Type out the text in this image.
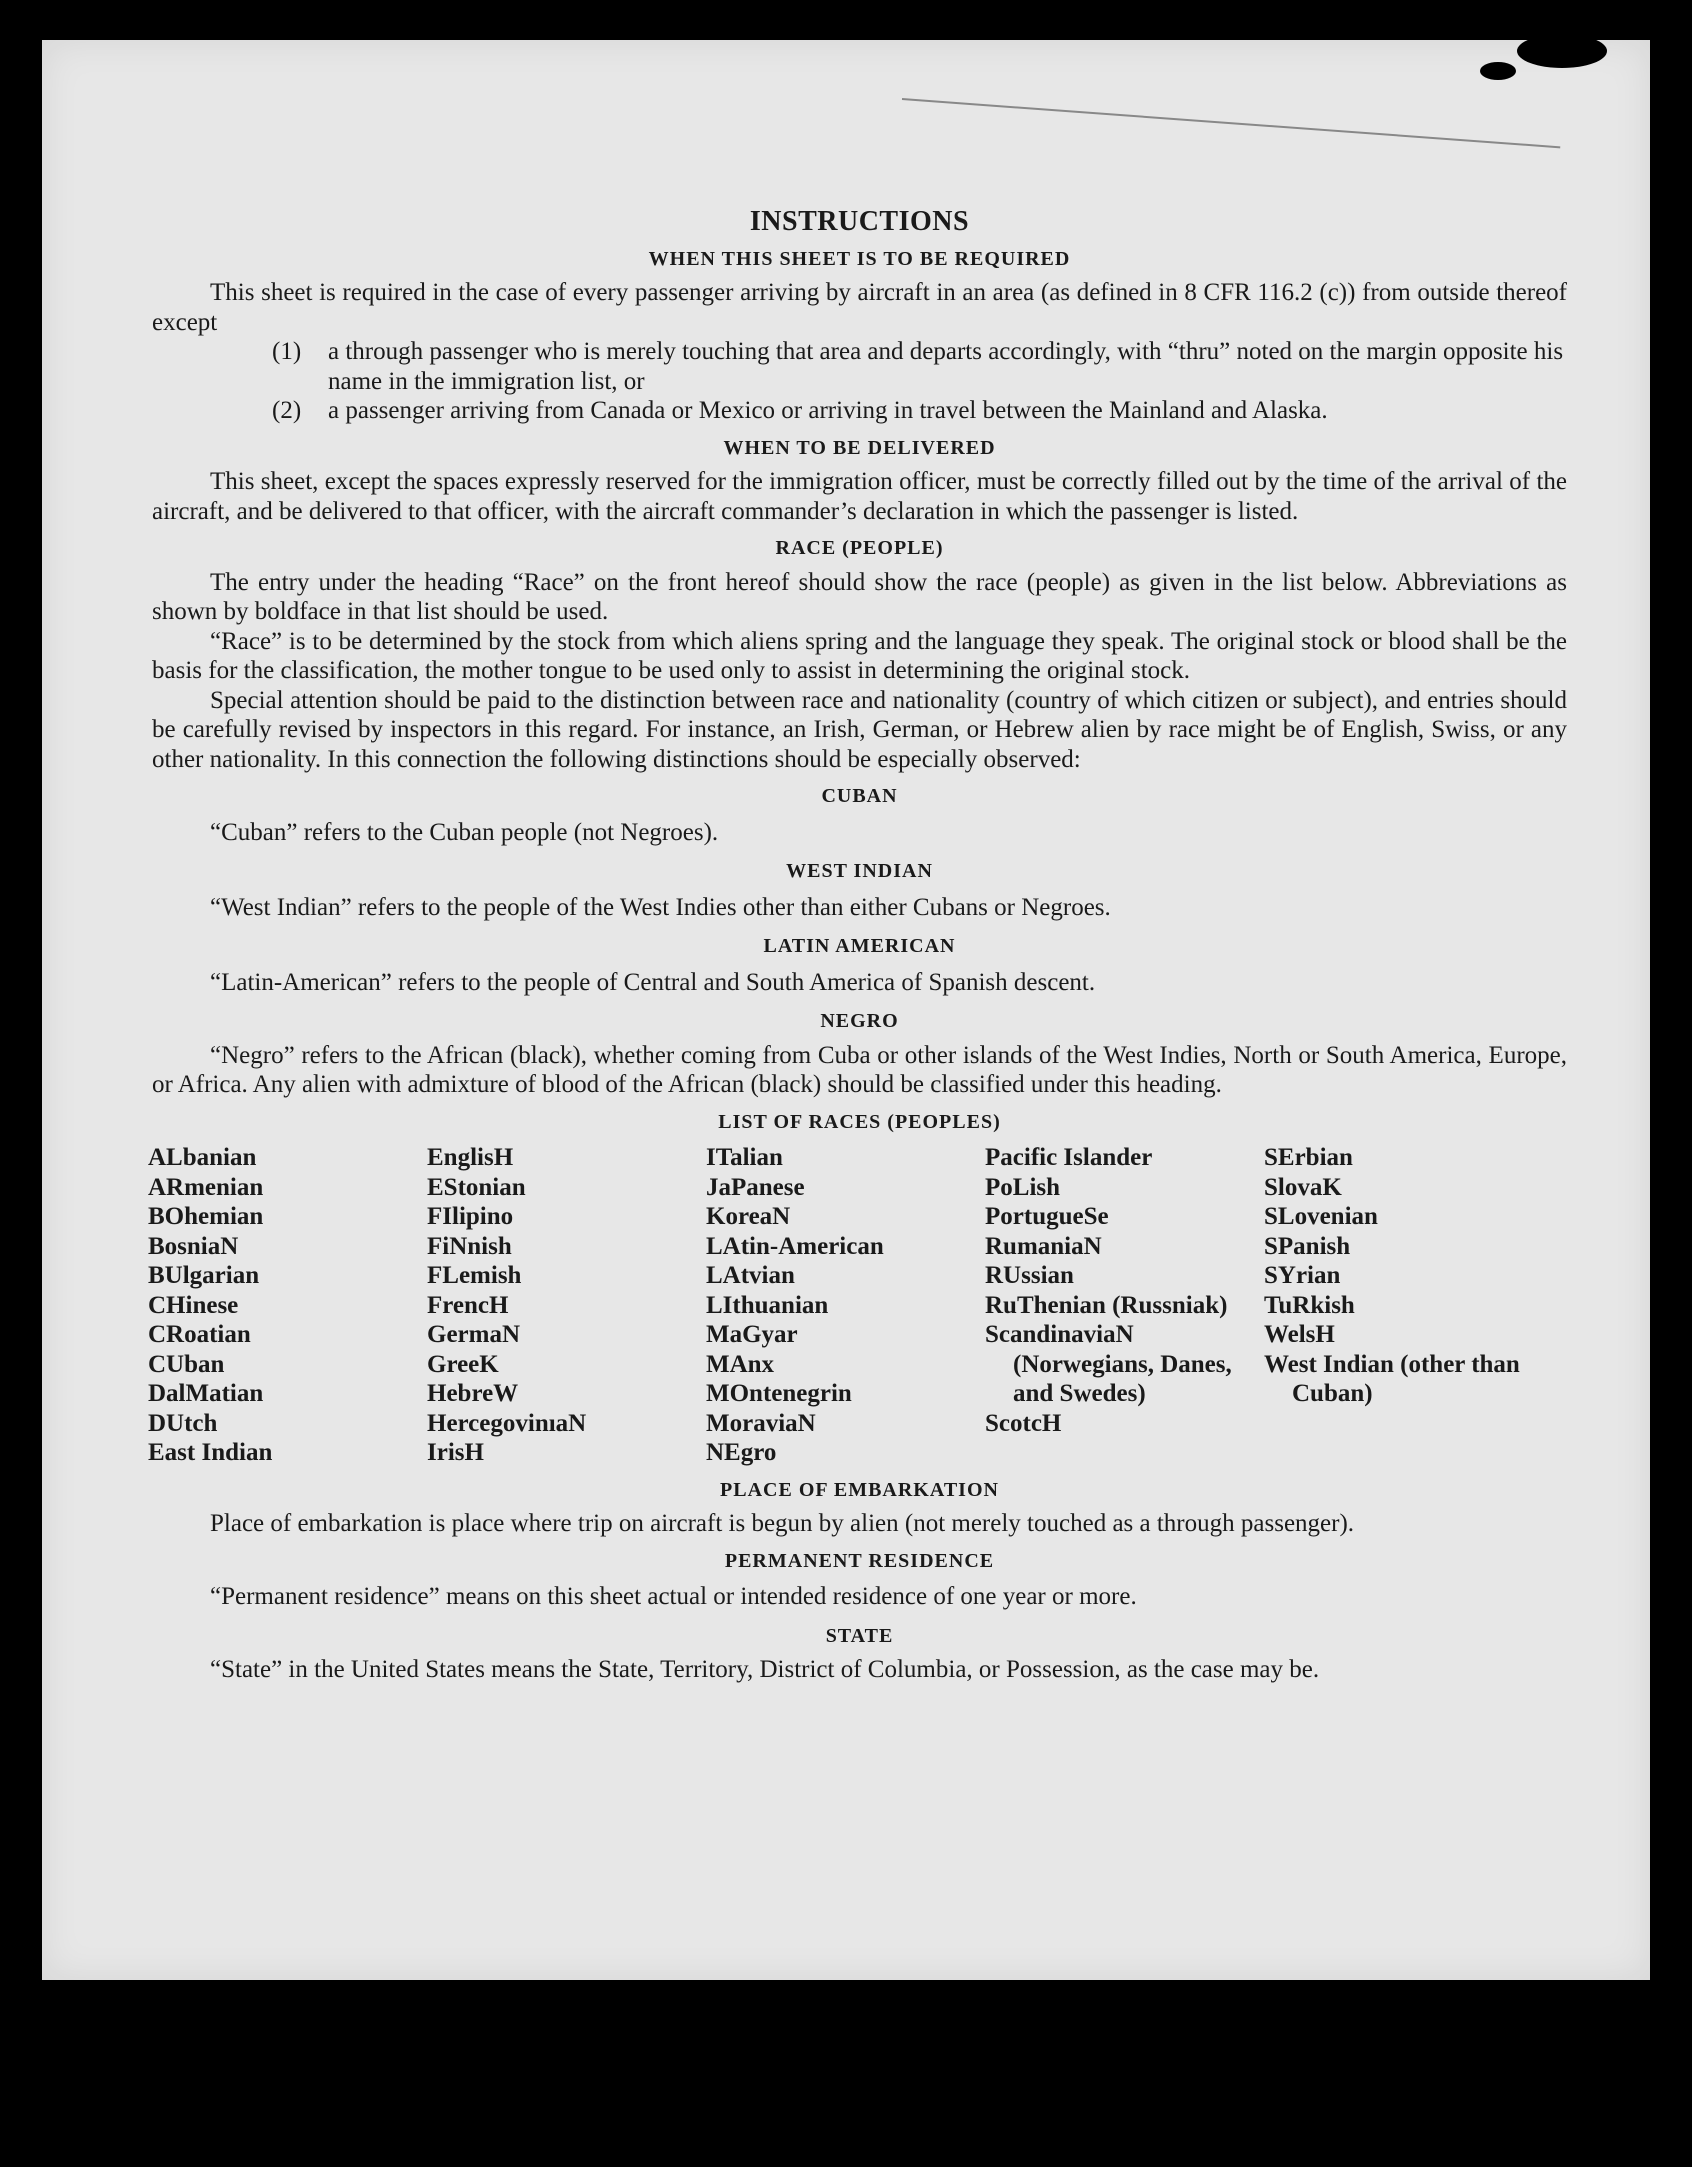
INSTRUCTIONS
WHEN THIS SHEET IS TO BE REQUIRED

This sheet is required in the case of every passenger arriving by aircraft in an area (as defined in 8 CFR 116.2 (c)) from outside thereof except

(1)	a through passenger who is merely touching that area and departs accordingly, with “thru” noted on the margin opposite his name in the immigration list, or
(2)	a passenger arriving from Canada or Mexico or arriving in travel between the Mainland and Alaska.
WHEN TO BE DELIVERED

This sheet, except the spaces expressly reserved for the immigration officer, must be correctly filled out by the time of the arrival of the aircraft, and be delivered to that officer, with the aircraft commander’s declaration in which the passenger is listed.

RACE (PEOPLE)

The entry under the heading “Race” on the front hereof should show the race (people) as given in the list below. Abbreviations as shown by boldface in that list should be used.

“Race” is to be determined by the stock from which aliens spring and the language they speak. The original stock or blood shall be the basis for the classification, the mother tongue to be used only to assist in determining the original stock.

Special attention should be paid to the distinction between race and nationality (country of which citizen or subject), and entries should be carefully revised by inspectors in this regard. For instance, an Irish, German, or Hebrew alien by race might be of English, Swiss, or any other nationality. In this connection the following distinctions should be especially observed:

CUBAN

“Cuban” refers to the Cuban people (not Negroes).

WEST INDIAN

“West Indian” refers to the people of the West Indies other than either Cubans or Negroes.

LATIN AMERICAN

“Latin-American” refers to the people of Central and South America of Spanish descent.

NEGRO

“Negro” refers to the African (black), whether coming from Cuba or other islands of the West Indies, North or South America, Europe, or Africa. Any alien with admixture of blood of the African (black) should be classified under this heading.

LIST OF RACES (PEOPLES)
ALbanian
ARmenian
BOhemian
BosniaN
BUlgarian
CHinese
CRoatian
CUban
DalMatian
DUtch
East Indian
EnglisH
EStonian
FIlipino
FiNnish
FLemish
FrencH
GermaN
GreeK
HebreW
HercegovinıaN
IrisH
ITalian
JaPanese
KoreaN
LAtin-American
LAtvian
LIthuanian
MaGyar
MAnx
MOntenegrin
MoraviaN
NEgro
Pacific Islander
PoLish
PortugueSe
RumaniaN
RUssian
RuThenian (Russniak)
ScandinaviaN (Norwegians, Danes, and Swedes)
ScotcH
SErbian
SlovaK
SLovenian
SPanish
SYrian
TuRkish
WelsH
West Indian (other than Cuban)
PLACE OF EMBARKATION

Place of embarkation is place where trip on aircraft is begun by alien (not merely touched as a through passenger).

PERMANENT RESIDENCE

“Permanent residence” means on this sheet actual or intended residence of one year or more.

STATE

“State” in the United States means the State, Territory, District of Columbia, or Possession, as the case may be.
